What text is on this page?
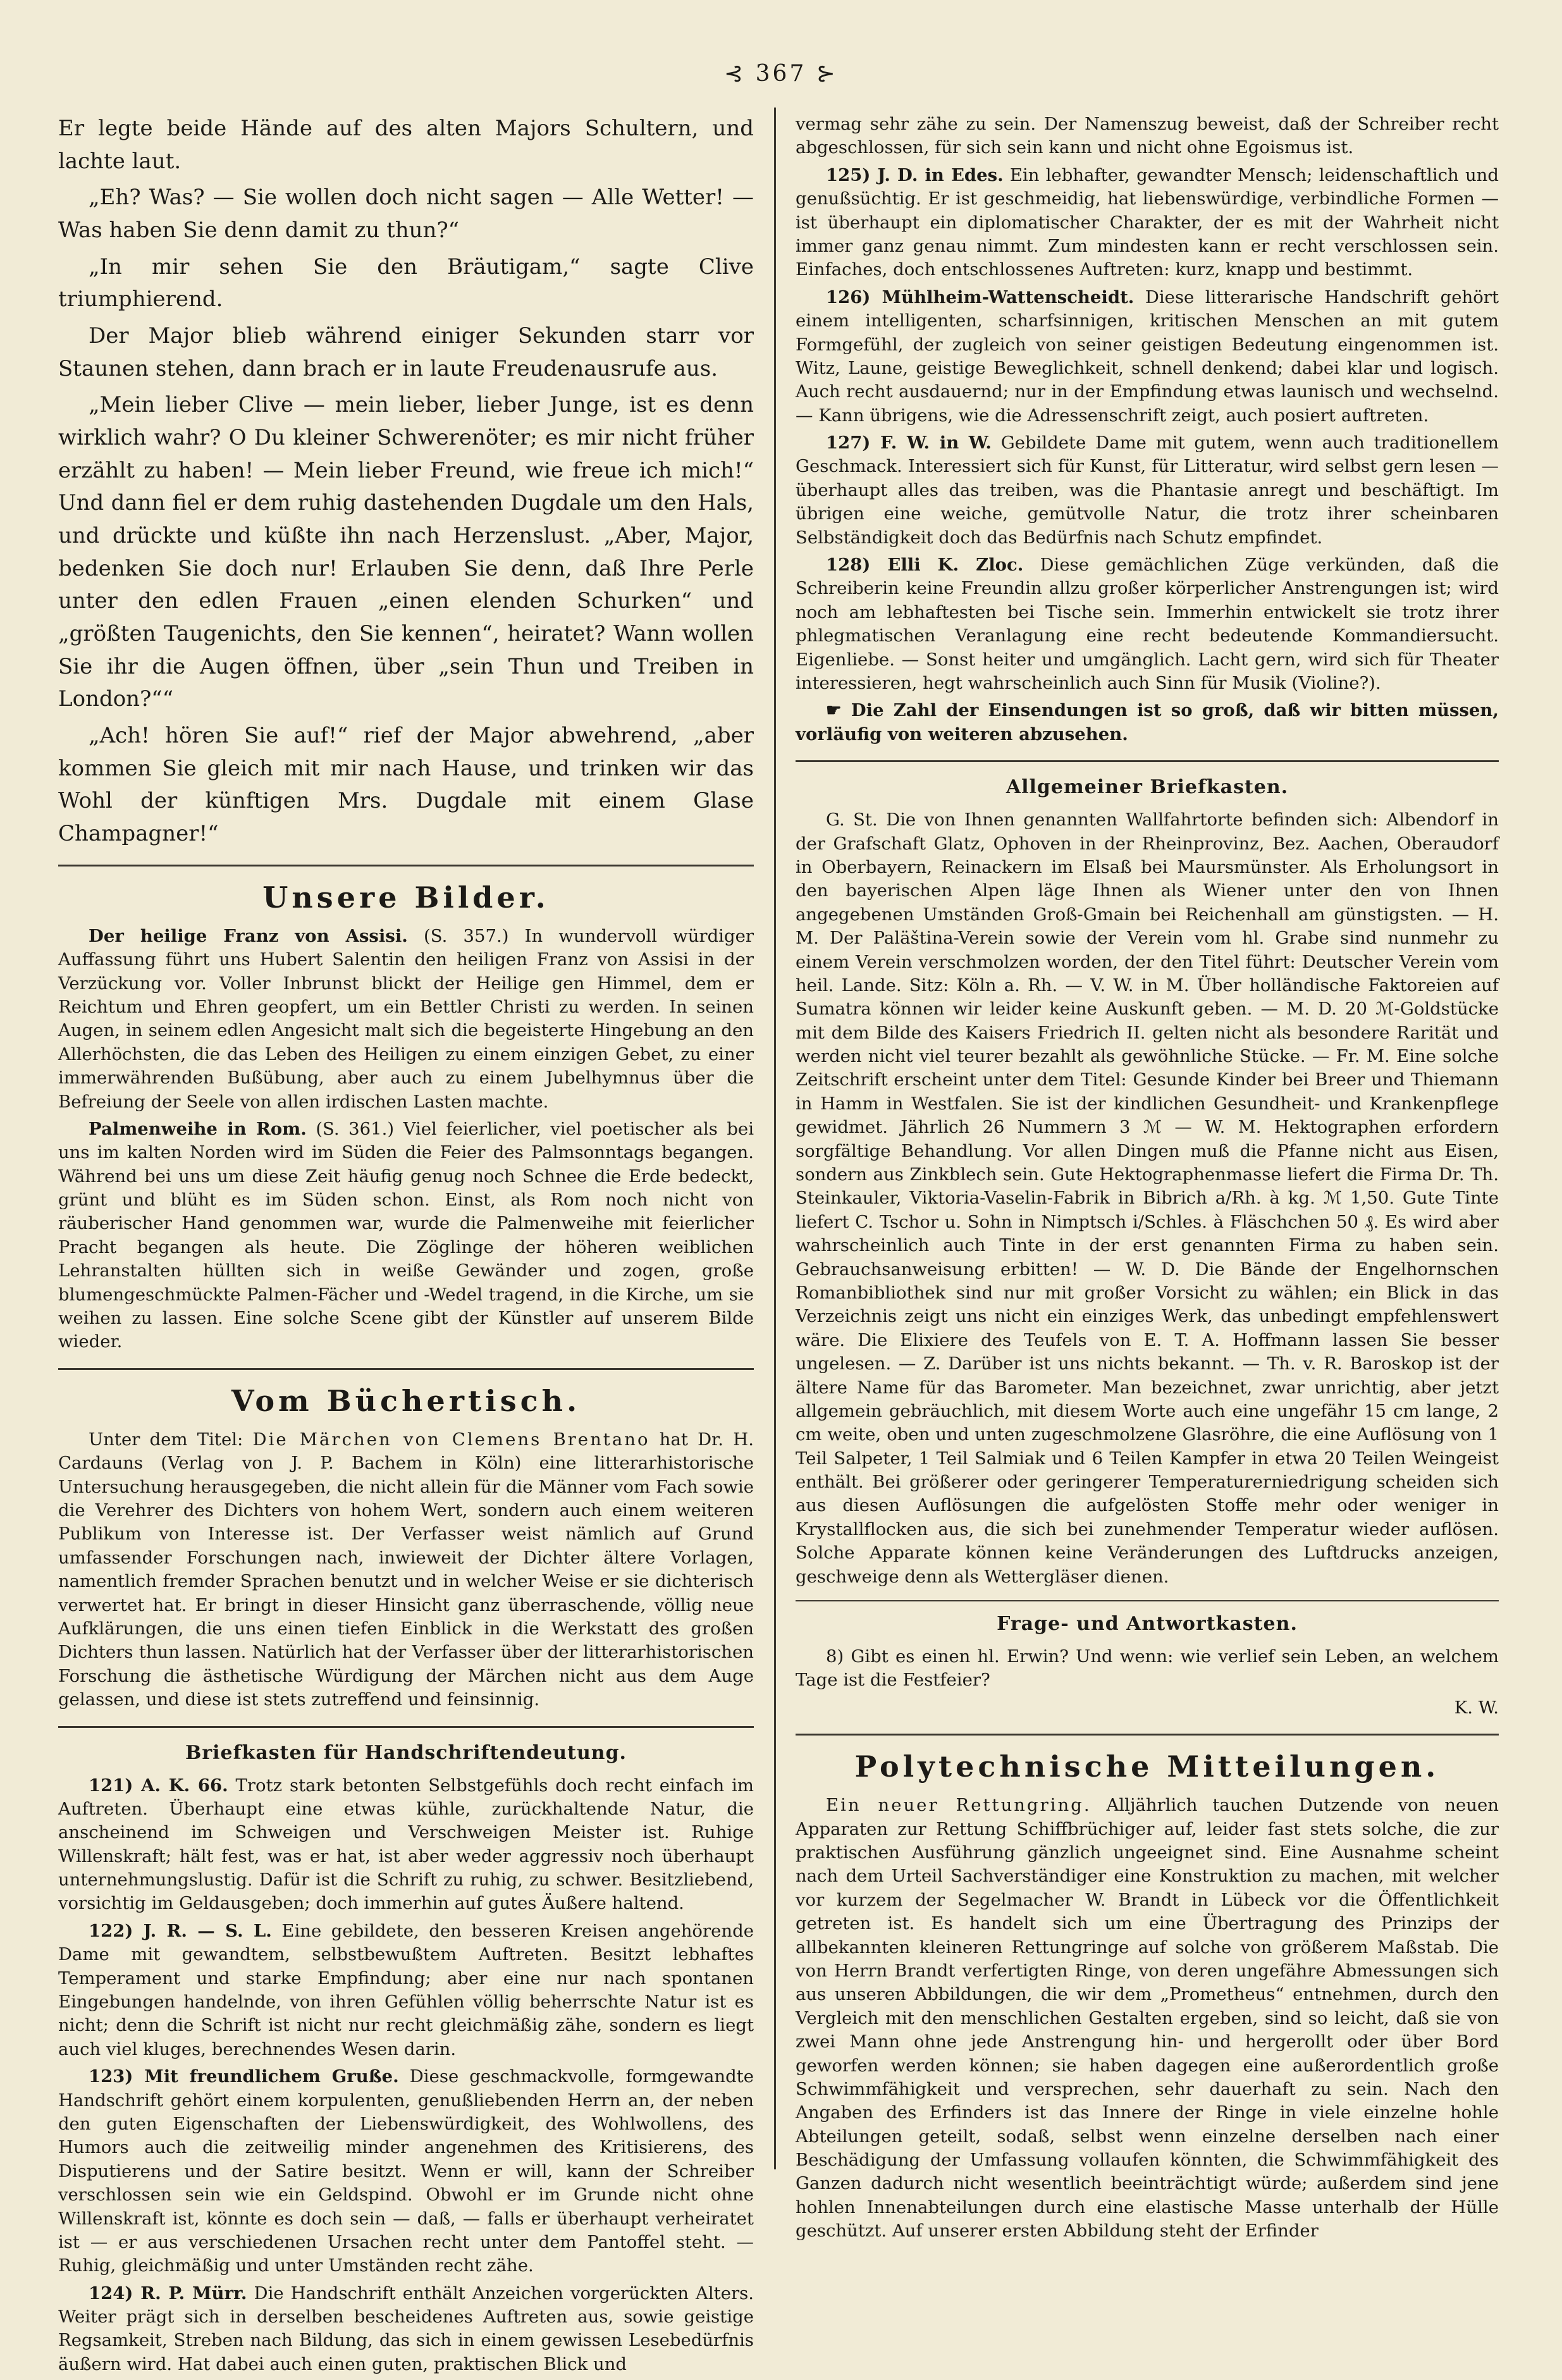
⊰ 367 ⊱

Er legte beide Hände auf des alten Majors Schultern, und lachte laut.

„Eh? Was? — Sie wollen doch nicht sagen — Alle Wetter! — Was haben Sie denn damit zu thun?“

„In mir sehen Sie den Bräutigam,“ sagte Clive triumphierend.

Der Major blieb während einiger Sekunden starr vor Staunen stehen, dann brach er in laute Freudenausrufe aus.

„Mein lieber Clive — mein lieber, lieber Junge, ist es denn wirklich wahr? O Du kleiner Schwerenöter; es mir nicht früher erzählt zu haben! — Mein lieber Freund, wie freue ich mich!“ Und dann fiel er dem ruhig dastehenden Dugdale um den Hals, und drückte und küßte ihn nach Herzenslust. „Aber, Major, bedenken Sie doch nur! Erlauben Sie denn, daß Ihre Perle unter den edlen Frauen „einen elenden Schurken“ und „größten Taugenichts, den Sie kennen“, heiratet? Wann wollen Sie ihr die Augen öffnen, über „sein Thun und Treiben in London?““

„Ach! hören Sie auf!“ rief der Major abwehrend, „aber kommen Sie gleich mit mir nach Hause, und trinken wir das Wohl der künftigen Mrs. Dugdale mit einem Glase Champagner!“

Unsere Bilder.

Der heilige Franz von Assisi. (S. 357.) In wundervoll würdiger Auffassung führt uns Hubert Salentin den heiligen Franz von Assisi in der Verzückung vor. Voller Inbrunst blickt der Heilige gen Himmel, dem er Reichtum und Ehren geopfert, um ein Bettler Christi zu werden. In seinen Augen, in seinem edlen Angesicht malt sich die begeisterte Hingebung an den Allerhöchsten, die das Leben des Heiligen zu einem einzigen Gebet, zu einer immerwährenden Bußübung, aber auch zu einem Jubelhymnus über die Befreiung der Seele von allen irdischen Lasten machte.

Palmenweihe in Rom. (S. 361.) Viel feierlicher, viel poetischer als bei uns im kalten Norden wird im Süden die Feier des Palmsonntags begangen. Während bei uns um diese Zeit häufig genug noch Schnee die Erde bedeckt, grünt und blüht es im Süden schon. Einst, als Rom noch nicht von räuberischer Hand genommen war, wurde die Palmenweihe mit feierlicher Pracht begangen als heute. Die Zöglinge der höheren weiblichen Lehranstalten hüllten sich in weiße Gewänder und zogen, große blumengeschmückte Palmen-Fächer und -Wedel tragend, in die Kirche, um sie weihen zu lassen. Eine solche Scene gibt der Künstler auf unserem Bilde wieder.

Vom Büchertisch.

Unter dem Titel: Die Märchen von Clemens Brentano hat Dr. H. Cardauns (Verlag von J. P. Bachem in Köln) eine litterarhistorische Untersuchung herausgegeben, die nicht allein für die Männer vom Fach sowie die Verehrer des Dichters von hohem Wert, sondern auch einem weiteren Publikum von Interesse ist. Der Verfasser weist nämlich auf Grund umfassender Forschungen nach, inwieweit der Dichter ältere Vorlagen, namentlich fremder Sprachen benutzt und in welcher Weise er sie dichterisch verwertet hat. Er bringt in dieser Hinsicht ganz überraschende, völlig neue Aufklärungen, die uns einen tiefen Einblick in die Werkstatt des großen Dichters thun lassen. Natürlich hat der Verfasser über der litterarhistorischen Forschung die ästhetische Würdigung der Märchen nicht aus dem Auge gelassen, und diese ist stets zutreffend und feinsinnig.

Briefkasten für Handschriftendeutung.

121) A. K. 66. Trotz stark betonten Selbstgefühls doch recht einfach im Auftreten. Überhaupt eine etwas kühle, zurückhaltende Natur, die anscheinend im Schweigen und Verschweigen Meister ist. Ruhige Willenskraft; hält fest, was er hat, ist aber weder aggressiv noch überhaupt unternehmungslustig. Dafür ist die Schrift zu ruhig, zu schwer. Besitzliebend, vorsichtig im Geldausgeben; doch immerhin auf gutes Äußere haltend.

122) J. R. — S. L. Eine gebildete, den besseren Kreisen angehörende Dame mit gewandtem, selbstbewußtem Auftreten. Besitzt lebhaftes Temperament und starke Empfindung; aber eine nur nach spontanen Eingebungen handelnde, von ihren Gefühlen völlig beherrschte Natur ist es nicht; denn die Schrift ist nicht nur recht gleichmäßig zähe, sondern es liegt auch viel kluges, berechnendes Wesen darin.

123) Mit freundlichem Gruße. Diese geschmackvolle, formgewandte Handschrift gehört einem korpulenten, genußliebenden Herrn an, der neben den guten Eigenschaften der Liebenswürdigkeit, des Wohlwollens, des Humors auch die zeitweilig minder angenehmen des Kritisierens, des Disputierens und der Satire besitzt. Wenn er will, kann der Schreiber verschlossen sein wie ein Geldspind. Obwohl er im Grunde nicht ohne Willenskraft ist, könnte es doch sein — daß, — falls er überhaupt verheiratet ist — er aus verschiedenen Ursachen recht unter dem Pantoffel steht. — Ruhig, gleichmäßig und unter Umständen recht zähe.

124) R. P. Mürr. Die Handschrift enthält Anzeichen vorgerückten Alters. Weiter prägt sich in derselben bescheidenes Auftreten aus, sowie geistige Regsamkeit, Streben nach Bildung, das sich in einem gewissen Lesebedürfnis äußern wird. Hat dabei auch einen guten, praktischen Blick und

vermag sehr zähe zu sein. Der Namenszug beweist, daß der Schreiber recht abgeschlossen, für sich sein kann und nicht ohne Egoismus ist.

125) J. D. in Edes. Ein lebhafter, gewandter Mensch; leidenschaftlich und genußsüchtig. Er ist geschmeidig, hat liebenswürdige, verbindliche Formen — ist überhaupt ein diplomatischer Charakter, der es mit der Wahrheit nicht immer ganz genau nimmt. Zum mindesten kann er recht verschlossen sein. Einfaches, doch entschlossenes Auftreten: kurz, knapp und bestimmt.

126) Mühlheim-Wattenscheidt. Diese litterarische Handschrift gehört einem intelligenten, scharfsinnigen, kritischen Menschen an mit gutem Formgefühl, der zugleich von seiner geistigen Bedeutung eingenommen ist. Witz, Laune, geistige Beweglichkeit, schnell denkend; dabei klar und logisch. Auch recht ausdauernd; nur in der Empfindung etwas launisch und wechselnd. — Kann übrigens, wie die Adressenschrift zeigt, auch posiert auftreten.

127) F. W. in W. Gebildete Dame mit gutem, wenn auch traditionellem Geschmack. Interessiert sich für Kunst, für Litteratur, wird selbst gern lesen — überhaupt alles das treiben, was die Phantasie anregt und beschäftigt. Im übrigen eine weiche, gemütvolle Natur, die trotz ihrer scheinbaren Selbständigkeit doch das Bedürfnis nach Schutz empfindet.

128) Elli K. Zloc. Diese gemächlichen Züge verkünden, daß die Schreiberin keine Freundin allzu großer körperlicher Anstrengungen ist; wird noch am lebhaftesten bei Tische sein. Immerhin entwickelt sie trotz ihrer phlegmatischen Veranlagung eine recht bedeutende Kommandiersucht. Eigenliebe. — Sonst heiter und umgänglich. Lacht gern, wird sich für Theater interessieren, hegt wahrscheinlich auch Sinn für Musik (Violine?).

☛ Die Zahl der Einsendungen ist so groß, daß wir bitten müssen, vorläufig von weiteren abzusehen.

Allgemeiner Briefkasten.

G. St. Die von Ihnen genannten Wallfahrtorte befinden sich: Albendorf in der Grafschaft Glatz, Ophoven in der Rheinprovinz, Bez. Aachen, Oberaudorf in Oberbayern, Reinackern im Elsaß bei Maursmünster. Als Erholungsort in den bayerischen Alpen läge Ihnen als Wiener unter den von Ihnen angegebenen Umständen Groß-Gmain bei Reichenhall am günstigsten. — H. M. Der Paläština-Verein sowie der Verein vom hl. Grabe sind nunmehr zu einem Verein verschmolzen worden, der den Titel führt: Deutscher Verein vom heil. Lande. Sitz: Köln a. Rh. — V. W. in M. Über holländische Faktoreien auf Sumatra können wir leider keine Auskunft geben. — M. D. 20 ℳ-Goldstücke mit dem Bilde des Kaisers Friedrich II. gelten nicht als besondere Rarität und werden nicht viel teurer bezahlt als gewöhnliche Stücke. — Fr. M. Eine solche Zeitschrift erscheint unter dem Titel: Gesunde Kinder bei Breer und Thiemann in Hamm in Westfalen. Sie ist der kindlichen Gesundheit- und Krankenpflege gewidmet. Jährlich 26 Nummern 3 ℳ — W. M. Hektographen erfordern sorgfältige Behandlung. Vor allen Dingen muß die Pfanne nicht aus Eisen, sondern aus Zinkblech sein. Gute Hektographenmasse liefert die Firma Dr. Th. Steinkauler, Viktoria-Vaselin-Fabrik in Bibrich a/Rh. à kg. ℳ 1,50. Gute Tinte liefert C. Tschor u. Sohn in Nimptsch i/Schles. à Fläschchen 50 ₰. Es wird aber wahrscheinlich auch Tinte in der erst genannten Firma zu haben sein. Gebrauchsanweisung erbitten! — W. D. Die Bände der Engelhornschen Romanbibliothek sind nur mit großer Vorsicht zu wählen; ein Blick in das Verzeichnis zeigt uns nicht ein einziges Werk, das unbedingt empfehlenswert wäre. Die Elixiere des Teufels von E. T. A. Hoffmann lassen Sie besser ungelesen. — Z. Darüber ist uns nichts bekannt. — Th. v. R. Baroskop ist der ältere Name für das Barometer. Man bezeichnet, zwar unrichtig, aber jetzt allgemein gebräuchlich, mit diesem Worte auch eine ungefähr 15 cm lange, 2 cm weite, oben und unten zugeschmolzene Glasröhre, die eine Auflösung von 1 Teil Salpeter, 1 Teil Salmiak und 6 Teilen Kampfer in etwa 20 Teilen Weingeist enthält. Bei größerer oder geringerer Temperaturerniedrigung scheiden sich aus diesen Auflösungen die aufgelösten Stoffe mehr oder weniger in Krystallflocken aus, die sich bei zunehmender Temperatur wieder auflösen. Solche Apparate können keine Veränderungen des Luftdrucks anzeigen, geschweige denn als Wettergläser dienen.

Frage- und Antwortkasten.

8) Gibt es einen hl. Erwin? Und wenn: wie verlief sein Leben, an welchem Tage ist die Festfeier?

K. W.

Polytechnische Mitteilungen.

Ein neuer Rettungring. Alljährlich tauchen Dutzende von neuen Apparaten zur Rettung Schiffbrüchiger auf, leider fast stets solche, die zur praktischen Ausführung gänzlich ungeeignet sind. Eine Ausnahme scheint nach dem Urteil Sachverständiger eine Konstruktion zu machen, mit welcher vor kurzem der Segelmacher W. Brandt in Lübeck vor die Öffentlichkeit getreten ist. Es handelt sich um eine Übertragung des Prinzips der allbekannten kleineren Rettungringe auf solche von größerem Maßstab. Die von Herrn Brandt verfertigten Ringe, von deren ungefähre Abmessungen sich aus unseren Abbildungen, die wir dem „Prometheus“ entnehmen, durch den Vergleich mit den menschlichen Gestalten ergeben, sind so leicht, daß sie von zwei Mann ohne jede Anstrengung hin- und hergerollt oder über Bord geworfen werden können; sie haben dagegen eine außerordentlich große Schwimmfähigkeit und versprechen, sehr dauerhaft zu sein. Nach den Angaben des Erfinders ist das Innere der Ringe in viele einzelne hohle Abteilungen geteilt, sodaß, selbst wenn einzelne derselben nach einer Beschädigung der Umfassung vollaufen könnten, die Schwimmfähigkeit des Ganzen dadurch nicht wesentlich beeinträchtigt würde; außerdem sind jene hohlen Innenabteilungen durch eine elastische Masse unterhalb der Hülle geschützt. Auf unserer ersten Abbildung steht der Erfinder
